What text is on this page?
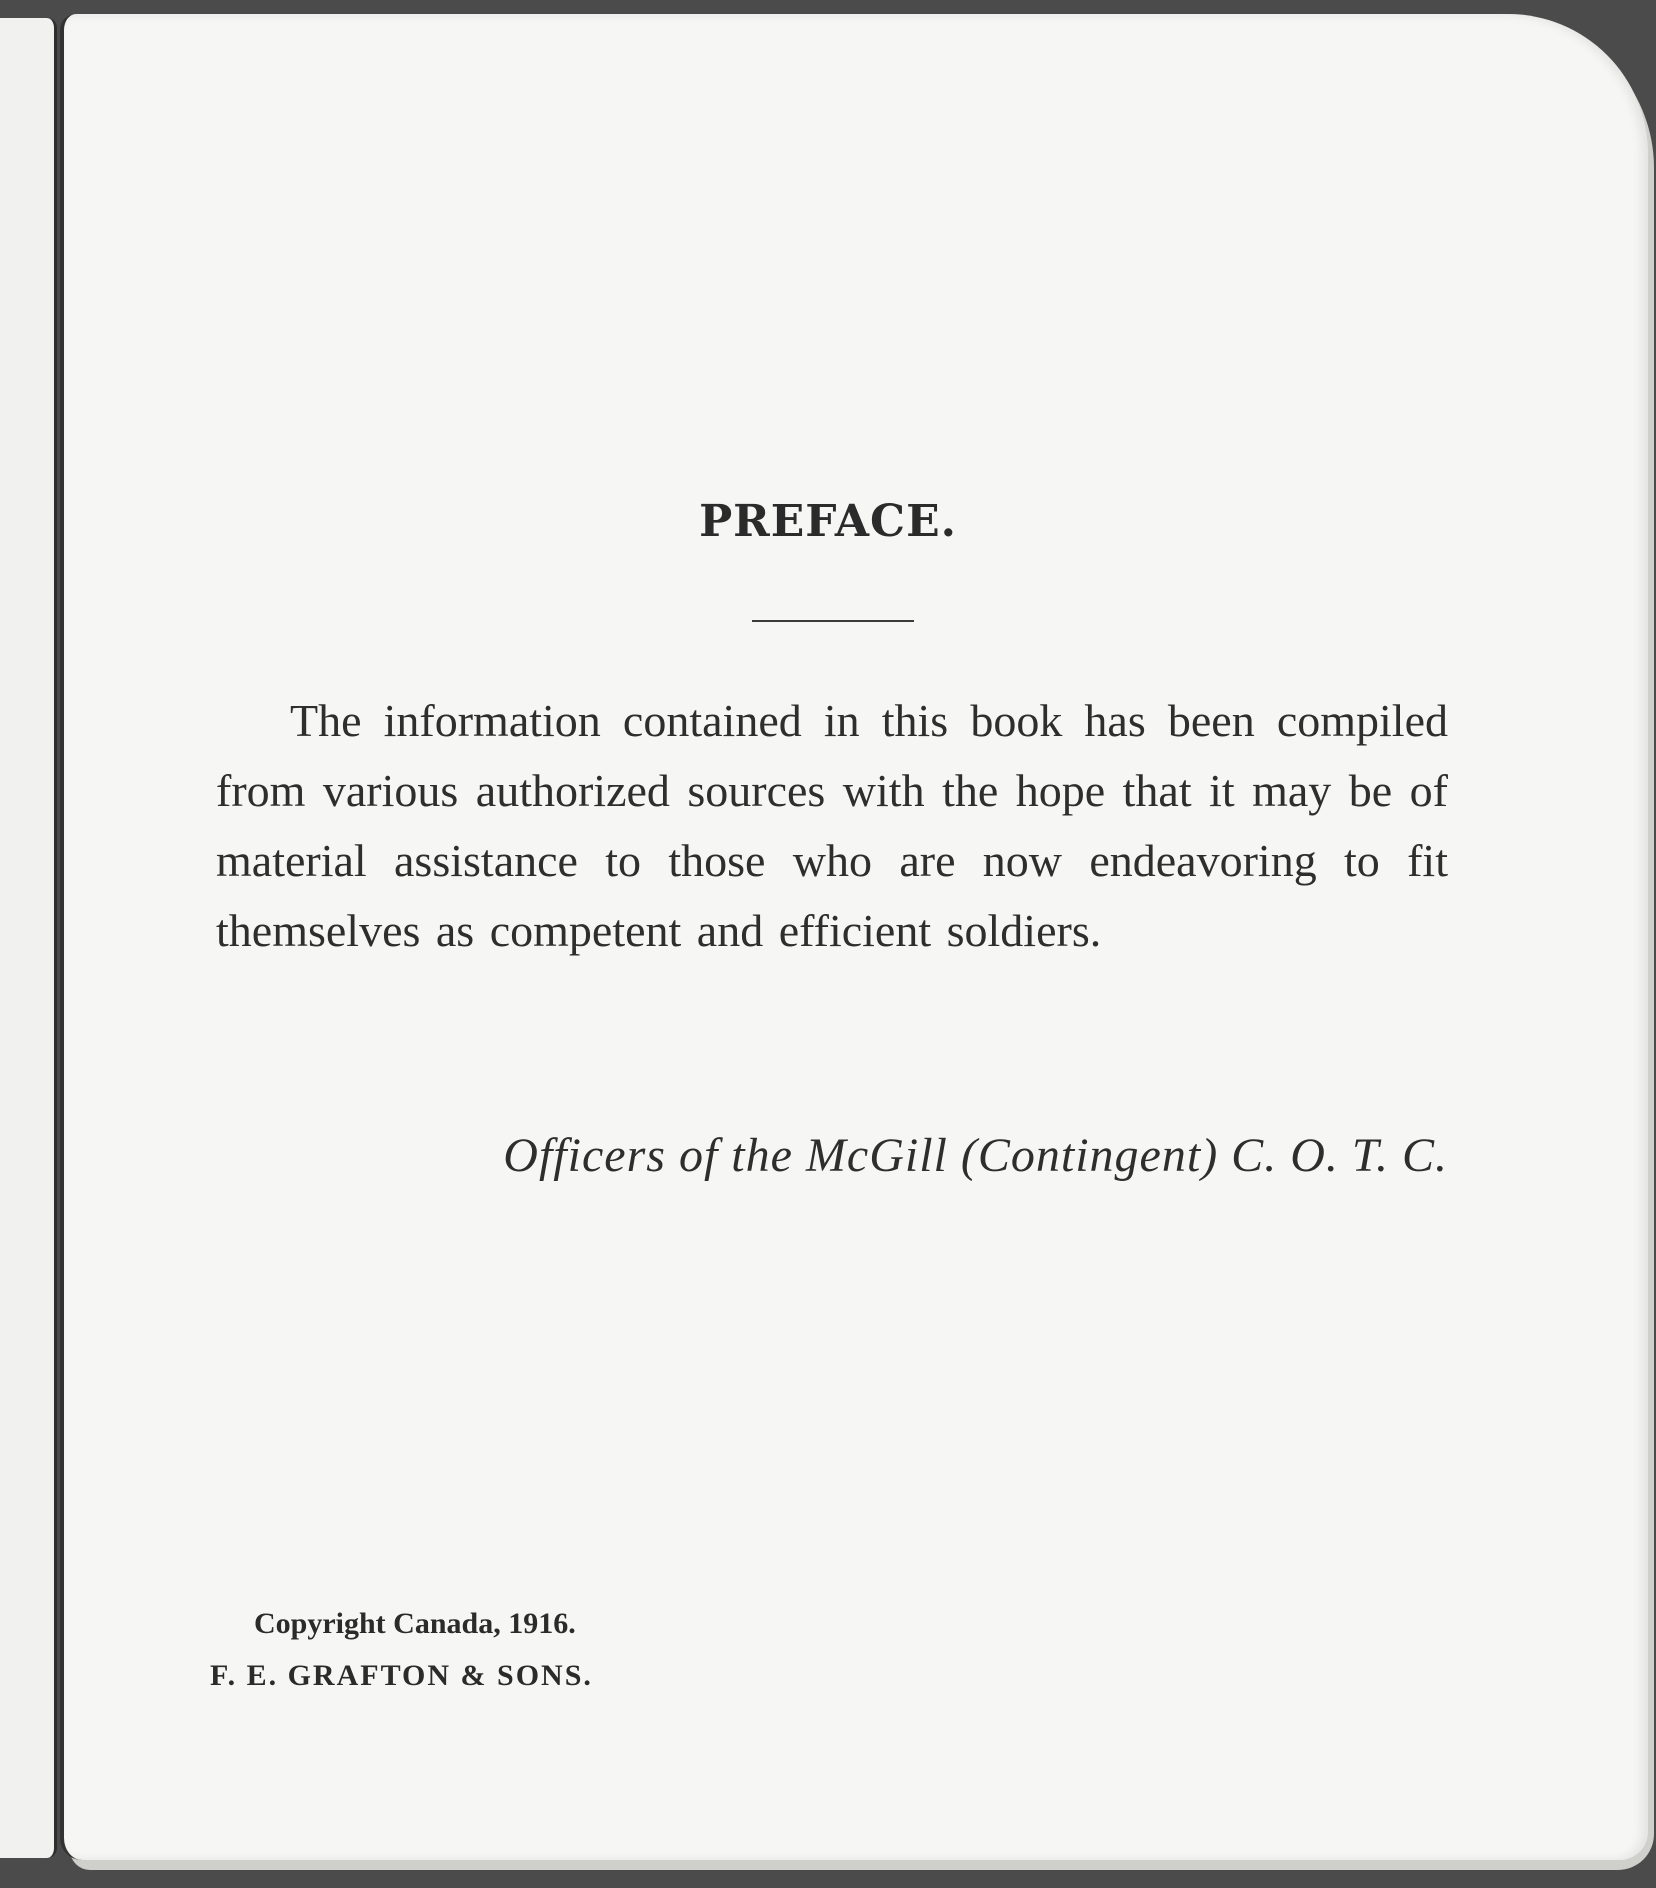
PREFACE.

The information contained in this book has been compiled from various authorized sources with the hope that it may be of material assistance to those who are now endeavoring to fit themselves as competent and efficient soldiers.

Officers of the McGill (Contingent) C. O. T. C.

Copyright Canada, 1916.
F. E. GRAFTON & SONS.
